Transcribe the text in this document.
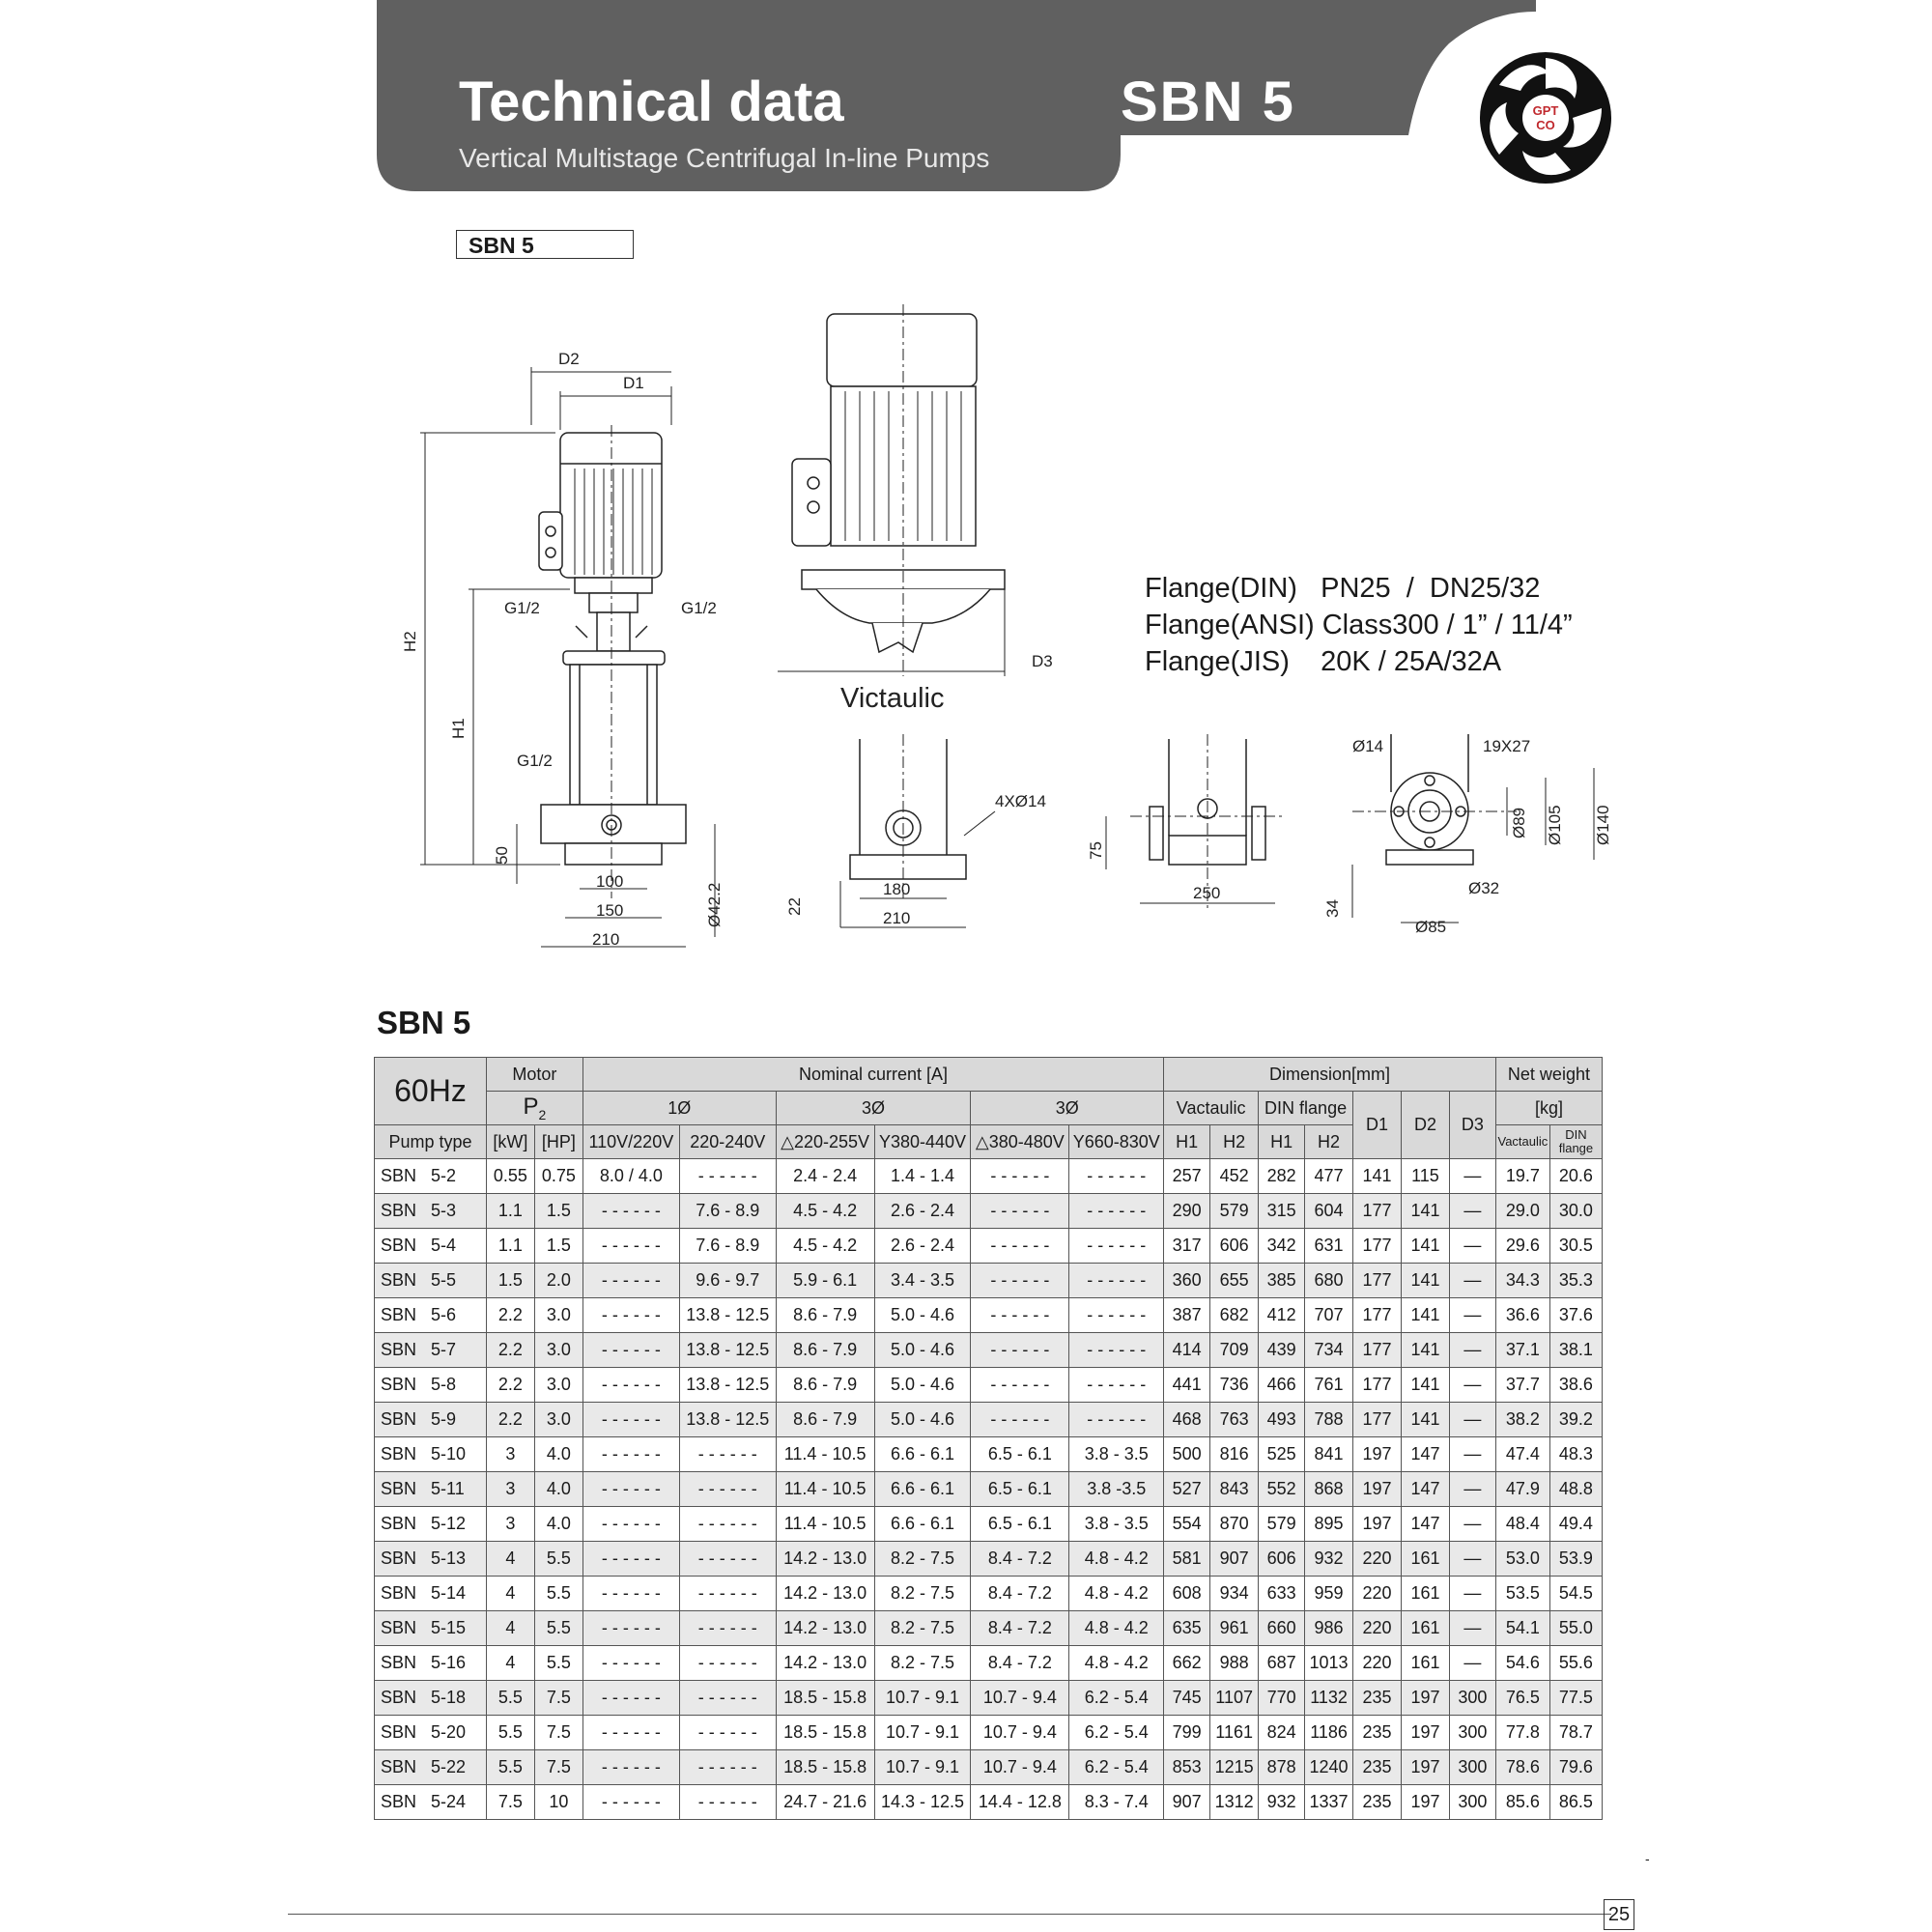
Technical data
Vertical Multistage Centrifugal In-line Pumps
SBN 5	GPT
CO
SBN 5
D2
D1
H2
H1
50
G1/2	G1/2
G1/2
100
150
210
Ø42.2
D3
Victaulic
4XØ14
22
180
210
75
250
Ø14	19X27
Ø89 Ø105 Ø140
34
Ø32
Ø85
Flange(DIN)   PN25  /  DN25/32
Flange(ANSI) Class300 / 1” / 11/4”
Flange(JIS)    20K / 25A/32A
SBN 5
60Hz	Motor		Nominal current [A]						Dimension[mm]							Net weight	
	$P_2$		1Ø		3Ø		3Ø		Vactaulic		DIN flange		D1	D2	D3	[kg]	
Pump type	[kW]	[HP]	110V/220V	220-240V	△220-255V	Y380-440V	△380-480V	Y660-830V	H1	H2	H1	H2				Vactaulic	DIN flange
SBN   5-2	0.55	0.75	8.0 / 4.0	- - - - - -	2.4 - 2.4	1.4 - 1.4	- - - - - -	- - - - - -	257	452	282	477	141	115	—	19.7	20.6
SBN   5-3	1.1	1.5	- - - - - -	7.6 - 8.9	4.5 - 4.2	2.6 - 2.4	- - - - - -	- - - - - -	290	579	315	604	177	141	—	29.0	30.0
SBN   5-4	1.1	1.5	- - - - - -	7.6 - 8.9	4.5 - 4.2	2.6 - 2.4	- - - - - -	- - - - - -	317	606	342	631	177	141	—	29.6	30.5
SBN   5-5	1.5	2.0	- - - - - -	9.6 - 9.7	5.9 - 6.1	3.4 - 3.5	- - - - - -	- - - - - -	360	655	385	680	177	141	—	34.3	35.3
SBN   5-6	2.2	3.0	- - - - - -	13.8 - 12.5	8.6 - 7.9	5.0 - 4.6	- - - - - -	- - - - - -	387	682	412	707	177	141	—	36.6	37.6
SBN   5-7	2.2	3.0	- - - - - -	13.8 - 12.5	8.6 - 7.9	5.0 - 4.6	- - - - - -	- - - - - -	414	709	439	734	177	141	—	37.1	38.1
SBN   5-8	2.2	3.0	- - - - - -	13.8 - 12.5	8.6 - 7.9	5.0 - 4.6	- - - - - -	- - - - - -	441	736	466	761	177	141	—	37.7	38.6
SBN   5-9	2.2	3.0	- - - - - -	13.8 - 12.5	8.6 - 7.9	5.0 - 4.6	- - - - - -	- - - - - -	468	763	493	788	177	141	—	38.2	39.2
SBN   5-10	3	4.0	- - - - - -	- - - - - -	11.4 - 10.5	6.6 - 6.1	6.5 - 6.1	3.8 - 3.5	500	816	525	841	197	147	—	47.4	48.3
SBN   5-11	3	4.0	- - - - - -	- - - - - -	11.4 - 10.5	6.6 - 6.1	6.5 - 6.1	3.8 -3.5	527	843	552	868	197	147	—	47.9	48.8
SBN   5-12	3	4.0	- - - - - -	- - - - - -	11.4 - 10.5	6.6 - 6.1	6.5 - 6.1	3.8 - 3.5	554	870	579	895	197	147	—	48.4	49.4
SBN   5-13	4	5.5	- - - - - -	- - - - - -	14.2 - 13.0	8.2 - 7.5	8.4 - 7.2	4.8 - 4.2	581	907	606	932	220	161	—	53.0	53.9
SBN   5-14	4	5.5	- - - - - -	- - - - - -	14.2 - 13.0	8.2 - 7.5	8.4 - 7.2	4.8 - 4.2	608	934	633	959	220	161	—	53.5	54.5
SBN   5-15	4	5.5	- - - - - -	- - - - - -	14.2 - 13.0	8.2 - 7.5	8.4 - 7.2	4.8 - 4.2	635	961	660	986	220	161	—	54.1	55.0
SBN   5-16	4	5.5	- - - - - -	- - - - - -	14.2 - 13.0	8.2 - 7.5	8.4 - 7.2	4.8 - 4.2	662	988	687	1013	220	161	—	54.6	55.6
SBN   5-18	5.5	7.5	- - - - - -	- - - - - -	18.5 - 15.8	10.7 - 9.1	10.7 - 9.4	6.2 - 5.4	745	1107	770	1132	235	197	300	76.5	77.5
SBN   5-20	5.5	7.5	- - - - - -	- - - - - -	18.5 - 15.8	10.7 - 9.1	10.7 - 9.4	6.2 - 5.4	799	1161	824	1186	235	197	300	77.8	78.7
SBN   5-22	5.5	7.5	- - - - - -	- - - - - -	18.5 - 15.8	10.7 - 9.1	10.7 - 9.4	6.2 - 5.4	853	1215	878	1240	235	197	300	78.6	79.6
SBN   5-24	7.5	10	- - - - - -	- - - - - -	24.7 - 21.6	14.3 - 12.5	14.4 - 12.8	8.3 - 7.4	907	1312	932	1337	235	197	300	85.6	86.5
-
25
